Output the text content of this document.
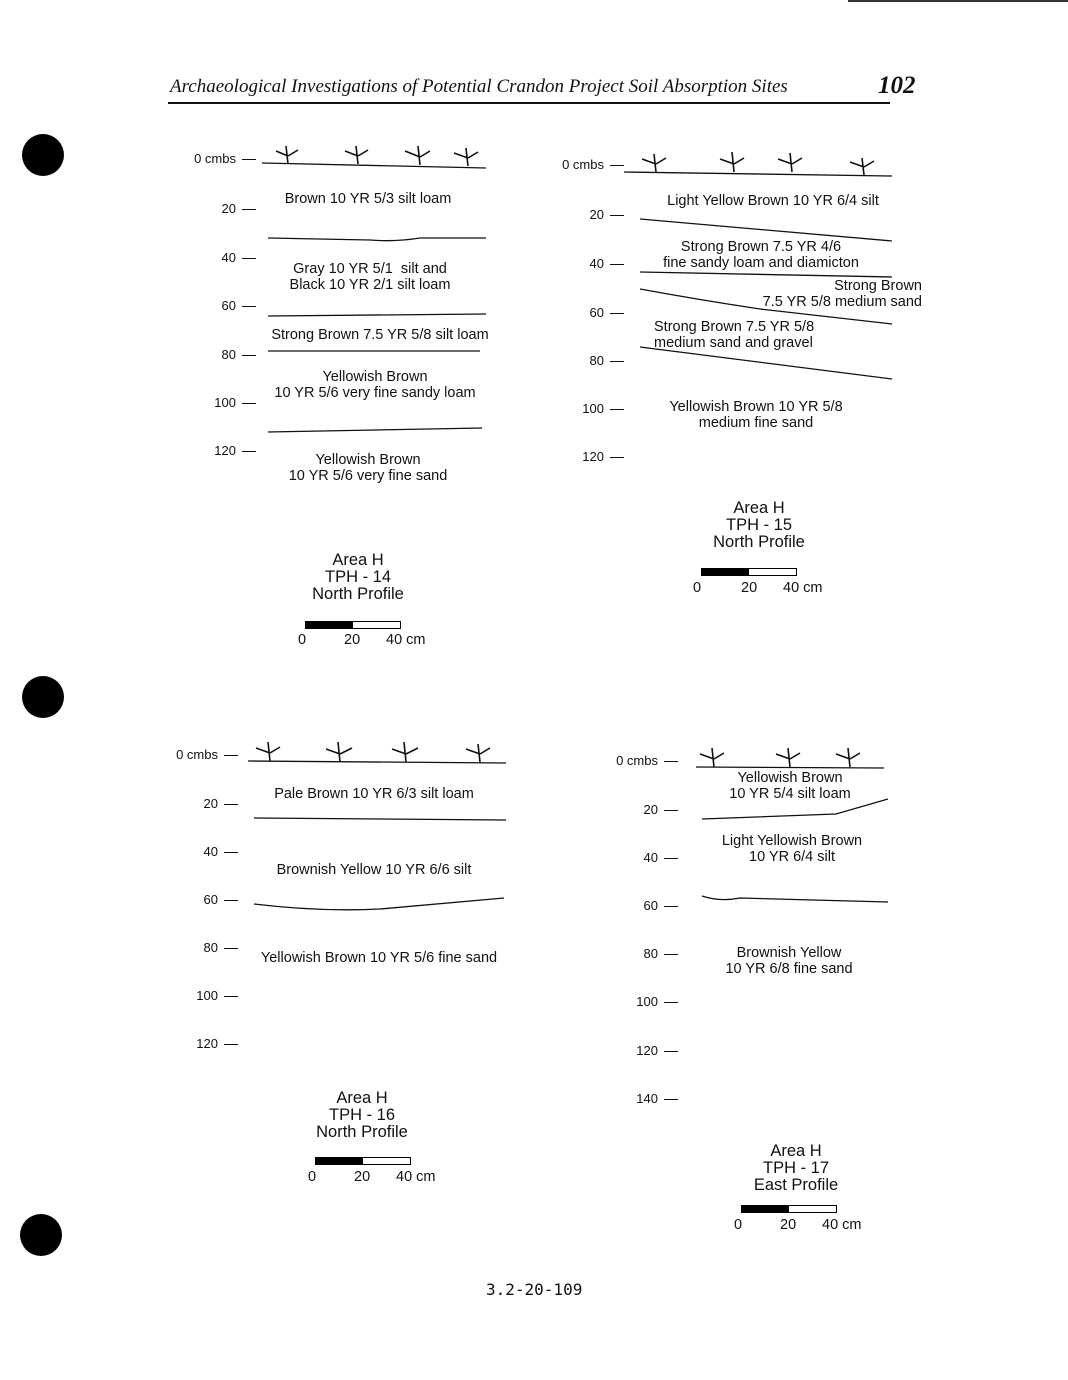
Archaeological Investigations of Potential Crandon Project Soil Absorption Sites	102
0 cmbs
20
40
60
80
100
120
Brown 10 YR 5/3 silt loam
Gray 10 YR 5/1  silt and
Black 10 YR 2/1 silt loam
Strong Brown 7.5 YR 5/8 silt loam
Yellowish Brown
10 YR 5/6 very fine sandy loam
Yellowish Brown
10 YR 5/6 very fine sand
Area H
TPH - 14
North Profile
0	20 40 cm
0 cmbs
20
40
60
80
100
120
Light Yellow Brown 10 YR 6/4 silt
Strong Brown 7.5 YR 4/6
fine sandy loam and diamicton
Strong Brown
7.5 YR 5/8 medium sand
Strong Brown 7.5 YR 5/8
medium sand and gravel
Yellowish Brown 10 YR 5/8
medium fine sand
Area H
TPH - 15
North Profile
0	20 40 cm
0 cmbs
20
40
60
80
100
120
Pale Brown 10 YR 6/3 silt loam
Brownish Yellow 10 YR 6/6 silt
Yellowish Brown 10 YR 5/6 fine sand
Area H
TPH - 16
North Profile
0	20 40 cm
0 cmbs
20
40
60
80
100
120
140
Yellowish Brown
10 YR 5/4 silt loam
Light Yellowish Brown
10 YR 6/4 silt
Brownish Yellow
10 YR 6/8 fine sand
Area H
TPH - 17
East Profile
0	20 40 cm
3.2-20-109
